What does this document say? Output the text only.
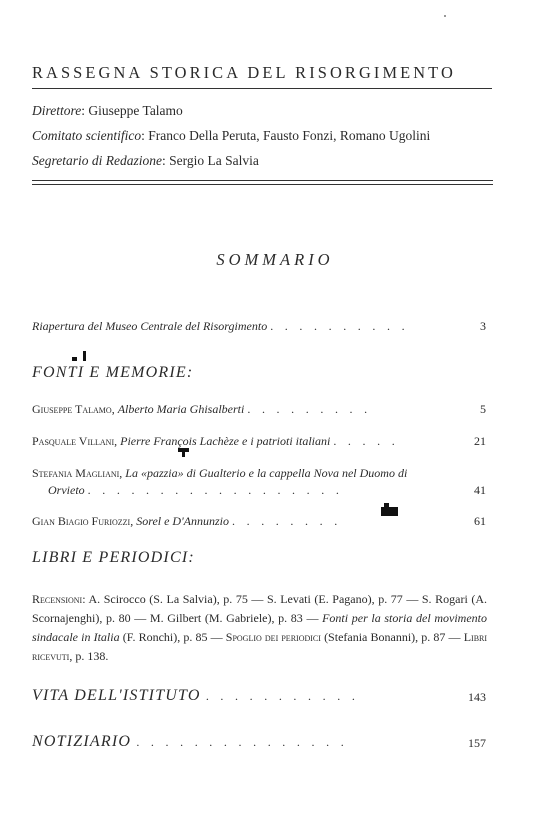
RASSEGNA STORICA DEL RISORGIMENTO
Direttore: Giuseppe Talamo
Comitato scientifico: Franco Della Peruta, Fausto Fonzi, Romano Ugolini
Segretario di Redazione: Sergio La Salvia
SOMMARIO
Riapertura del Museo Centrale del Risorgimento . . . . . . . . . .	3
FONTI E MEMORIE:
Giuseppe Talamo, Alberto Maria Ghisalberti . . . . . . . . .	5
Pasquale Villani, Pierre François Lachèze e i patrioti italiani . . . . .	21
Stefania Magliani, La «pazzia» di Gualterio e la cappella Nova nel Duomo di
Orvieto . . . . . . . . . . . . . . . . . .	41
Gian Biagio Furiozzi, Sorel e D'Annunzio . . . . . . . .	61
LIBRI E PERIODICI:
Recensioni: A. Scirocco (S. La Salvia), p. 75 — S. Levati (E. Pagano), p. 77 — S. Rogari (A. Scornajenghi), p. 80 — M. Gilbert (M. Gabriele), p. 83 — Fonti per la storia del movimento sindacale in Italia (F. Ronchi), p. 85 — Spoglio dei periodici (Stefania Bonanni), p. 87 — Libri ricevuti, p. 138.
VITA DELL'ISTITUTO . . . . . . . . . . .	143
NOTIZIARIO . . . . . . . . . . . . . . .	157
